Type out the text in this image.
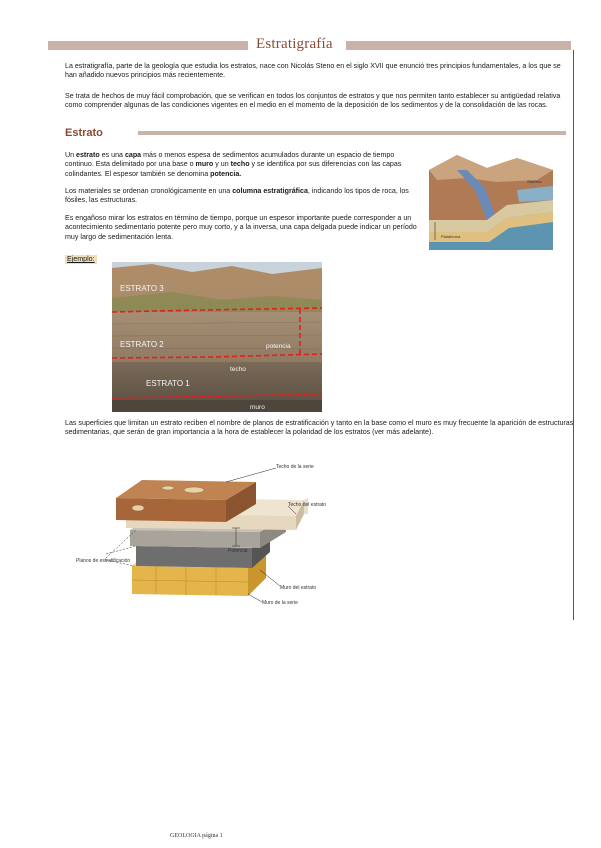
Estratigrafía
La estratigrafía, parte de la geología que estudia los estratos, nace con Nicolás Steno en el siglo XVII que enunció tres principios fundamentales, a los que se han añadido nuevos principios más recientemente.
Se trata de hechos de muy fácil comprobación, que se verifican en todos los conjuntos de estratos y que nos permiten tanto establecer su antigüedad relativa como comprender algunas de las condiciones vigentes en el medio en el momento de la deposición de los sedimentos y de la consolidación de las rocas.
Estrato
Un estrato es una capa más o menos espesa de sedimentos acumulados durante un espacio de tiempo continuo. Esta delimitado por una base o muro y un techo y se identifica por sus diferencias con las capas colindantes. El espesor también se denomina potencia.
Los materiales se ordenan cronológicamente en una columna estratigráfica, indicando los tipos de roca, los fósiles, las estructuras.
Es engañoso mirar los estratos en término de tiempo, porque un espesor importante puede corresponder a un acontecimiento sedimentario potente pero muy corto, y a la inversa, una capa delgada puede indicar un período muy largo de sedimentación lenta.
Sistema
Plataforma
Ejemplo:
ESTRATO 3
ESTRATO 2
ESTRATO 1
potencia
techo
muro
Las superficies que limitan un estrato reciben el nombre de planos de estratificación y tanto en la base como el muro es muy frecuente la aparición de estructuras sedimentarias, que serán de gran importancia a la hora de establecer la polaridad de los estratos (ver más adelante).
Techo de la serie
Techo del estrato
Planos de estratificación
Potencia
Muro del estrato
Muro de la serie
GEOLOGIA página 1
